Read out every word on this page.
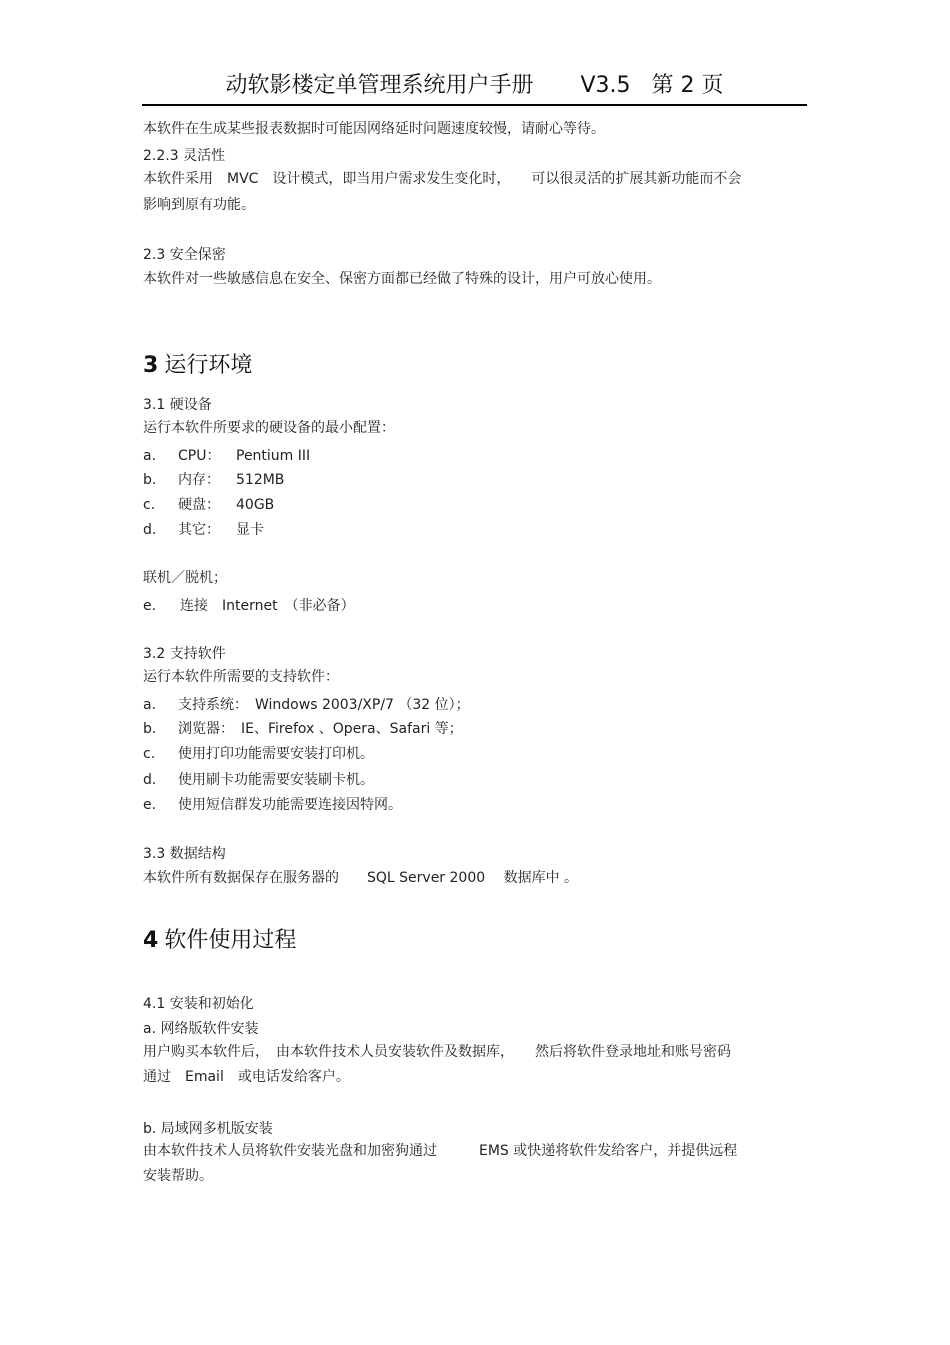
动软影楼定单管理系统用户手册 V3.5 第 2 页
本软件在生成某些报表数据时可能因网络延时问题速度较慢，请耐心等待。
2.2.3 灵活性
本软件采用　MVC　设计模式，即当用户需求发生变化时，　　可以很灵活的扩展其新功能而不会
影响到原有功能。
2.3 安全保密
本软件对一些敏感信息在安全、保密方面都已经做了特殊的设计，用户可放心使用。
3 运行环境
3.1 硬设备
运行本软件所要求的硬设备的最小配置：
a. CPU： Pentium III
b. 内存： 512MB
c. 硬盘： 40GB
d. 其它： 显卡
联机／脱机；
e. 连接　Internet　（非必备）
3.2 支持软件
运行本软件所需要的支持软件：
a. 支持系统：　Windows 2003/XP/7 （32 位）；
b. 浏览器：　IE、Firefox 、Opera、Safari 等；
c. 使用打印功能需要安装打印机。
d. 使用刷卡功能需要安装刷卡机。
e. 使用短信群发功能需要连接因特网。
3.3 数据结构
本软件所有数据保存在服务器的　　SQL Server 2000　 数据库中 。
4 软件使用过程
4.1 安装和初始化
a. 网络版软件安装
用户购买本软件后，　由本软件技术人员安装软件及数据库，　　然后将软件登录地址和账号密码
通过　Email　或电话发给客户。
b. 局域网多机版安装
由本软件技术人员将软件安装光盘和加密狗通过　　　EMS 或快递将软件发给客户，并提供远程
安装帮助。
